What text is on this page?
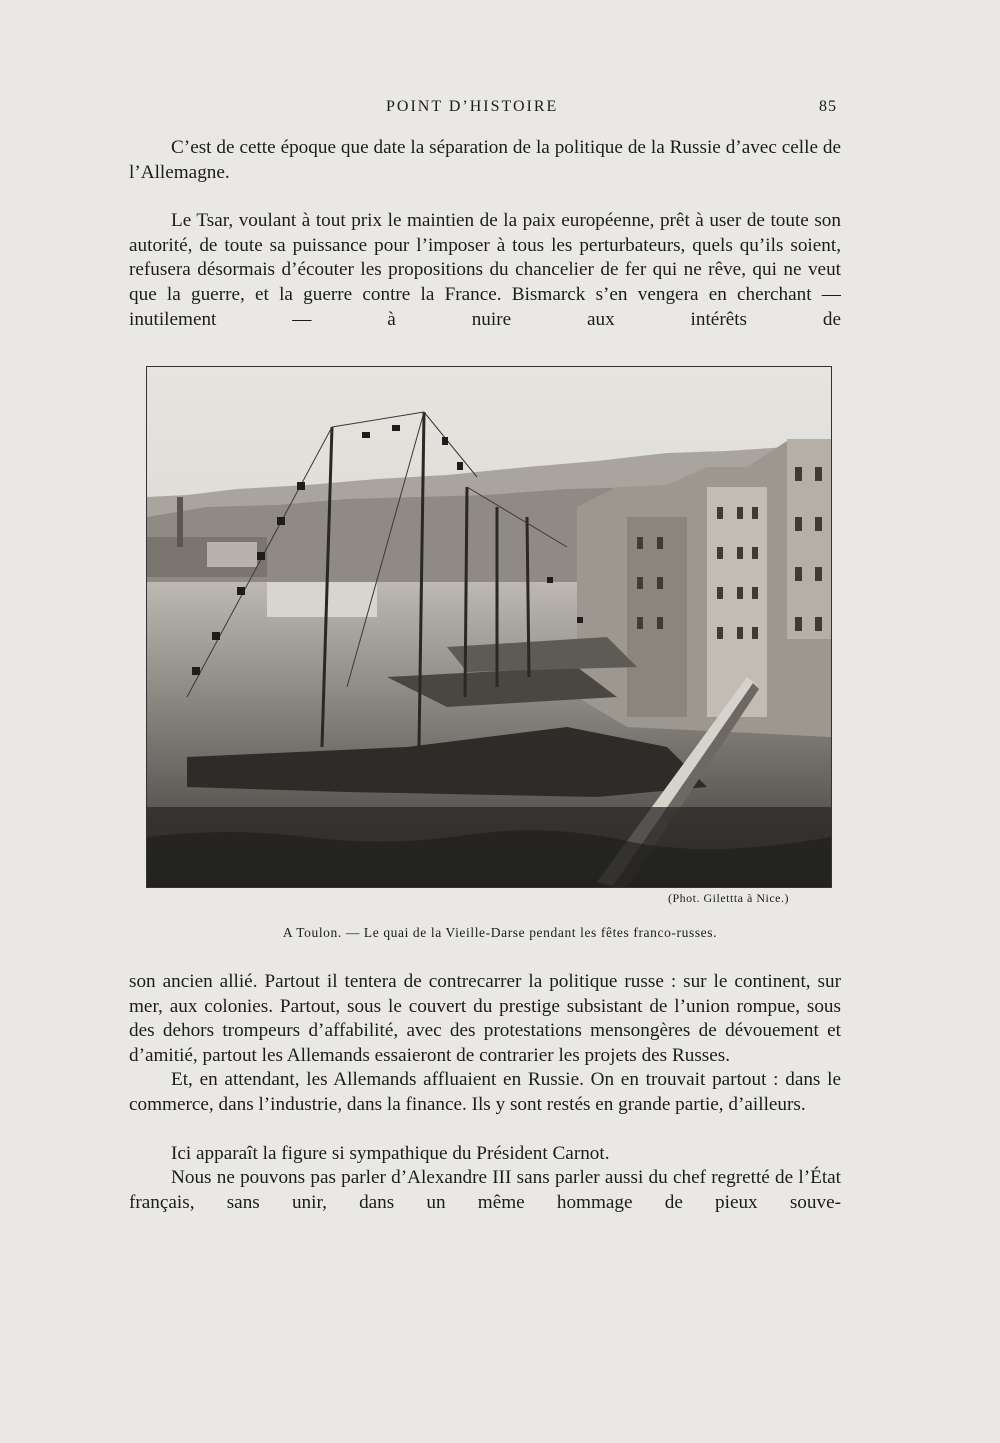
POINT D’HISTOIRE	85

C’est de cette époque que date la séparation de la politique de la Russie d’avec celle de l’Allemagne.

Le Tsar, voulant à tout prix le maintien de la paix européenne, prêt à user de toute son autorité, de toute sa puissance pour l’imposer à tous les perturbateurs, quels qu’ils soient, refusera désormais d’écouter les propositions du chancelier de fer qui ne rêve, qui ne veut que la guerre, et la guerre contre la France. Bismarck s’en vengera en cherchant — inutilement — à nuire aux intérêts de

(Phot. Gilettta à Nice.)
A Toulon. — Le quai de la Vieille-Darse pendant les fêtes franco-russes.

son ancien allié. Partout il tentera de contrecarrer la politique russe : sur le continent, sur mer, aux colonies. Partout, sous le couvert du prestige subsistant de l’union rompue, sous des dehors trompeurs d’affabilité, avec des protestations mensongères de dévouement et d’amitié, partout les Allemands essaieront de contrarier les projets des Russes.

Et, en attendant, les Allemands affluaient en Russie. On en trouvait partout : dans le commerce, dans l’industrie, dans la finance. Ils y sont restés en grande partie, d’ailleurs.

Ici apparaît la figure si sympathique du Président Carnot.

Nous ne pouvons pas parler d’Alexandre III sans parler aussi du chef regretté de l’État français, sans unir, dans un même hommage de pieux souve-
